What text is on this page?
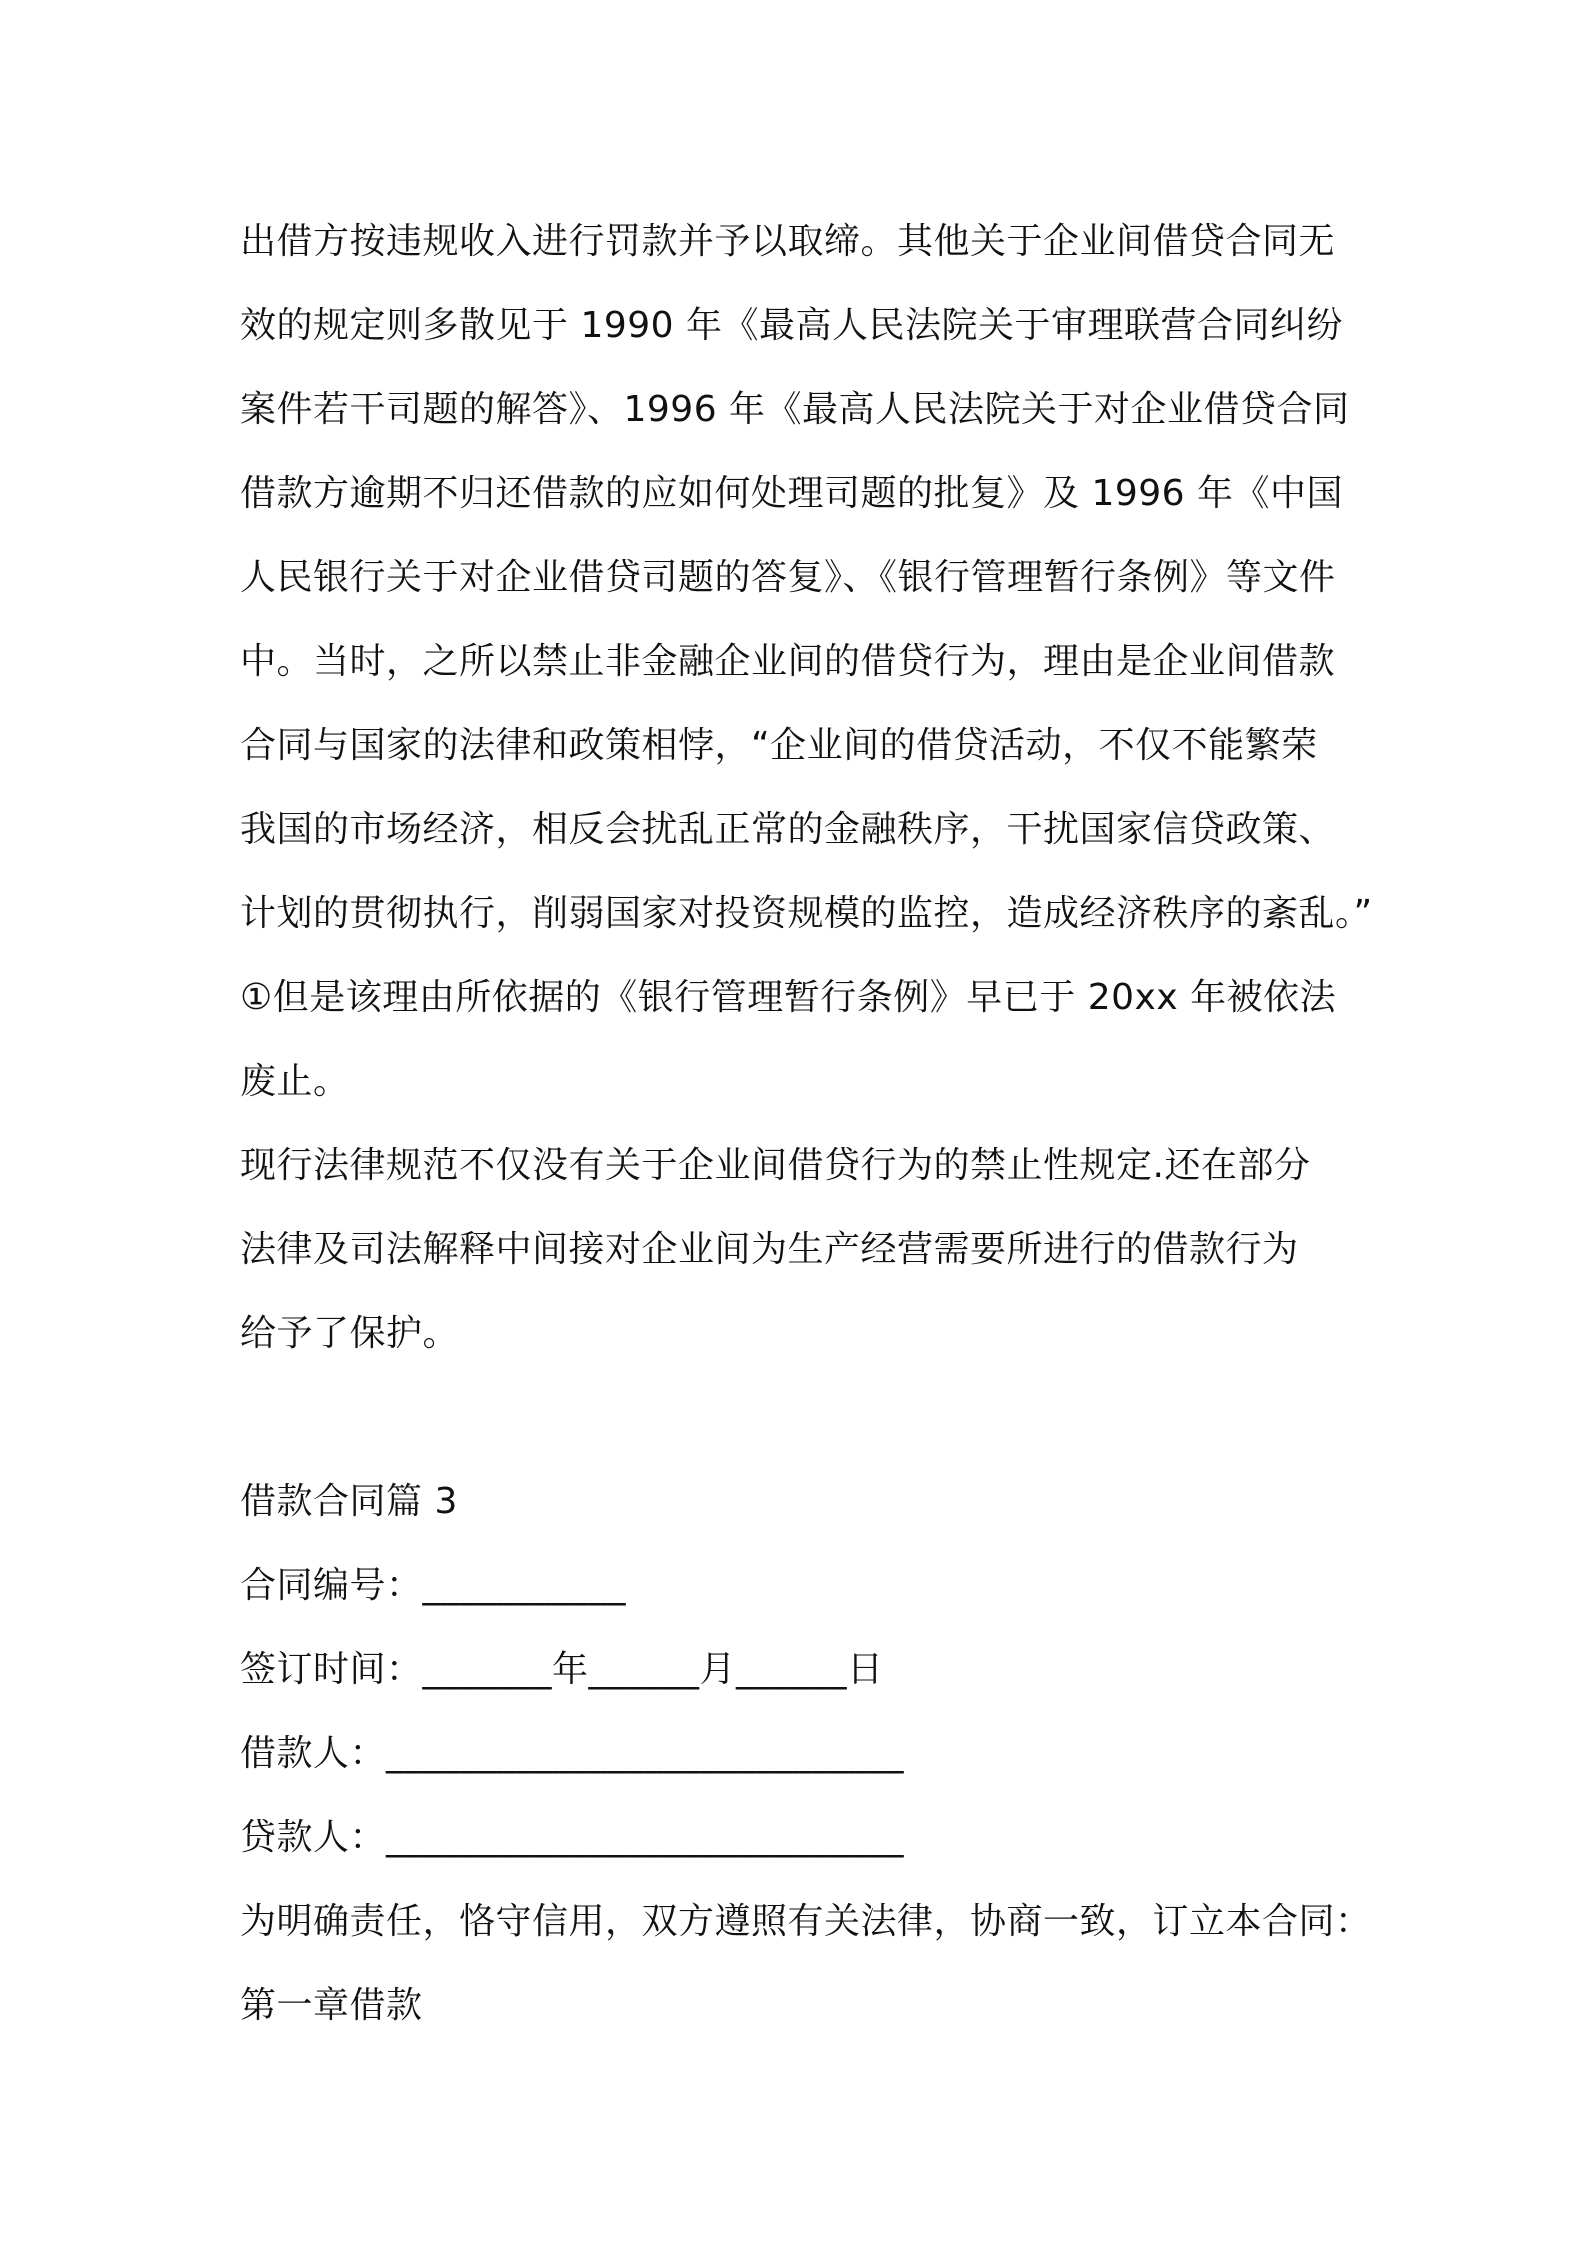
出借方按违规收入进行罚款并予以取缔。其他关于企业间借贷合同无
效的规定则多散见于 1990 年《最高人民法院关于审理联营合同纠纷
案件若干司题的解答》、1996 年《最高人民法院关于对企业借贷合同
借款方逾期不归还借款的应如何处理司题的批复》及 1996 年《中国
人民银行关于对企业借贷司题的答复》、《银行管理暂行条例》等文件
中。当时，之所以禁止非金融企业间的借贷行为，理由是企业间借款
合同与国家的法律和政策相悖，“企业间的借贷活动，不仅不能繁荣
我国的市场经济，相反会扰乱正常的金融秩序，干扰国家信贷政策、
计划的贯彻执行，削弱国家对投资规模的监控，造成经济秩序的紊乱。”
①但是该理由所依据的《银行管理暂行条例》早已于 20xx 年被依法
废止。
现行法律规范不仅没有关于企业间借贷行为的禁止性规定.还在部分
法律及司法解释中间接对企业间为生产经营需要所进行的借款行为
给予了保护。
借款合同篇 3
合同编号：___________
签订时间：_______年______月______日
借款人：____________________________
贷款人：____________________________
为明确责任，恪守信用，双方遵照有关法律，协商一致，订立本合同：
第一章借款
